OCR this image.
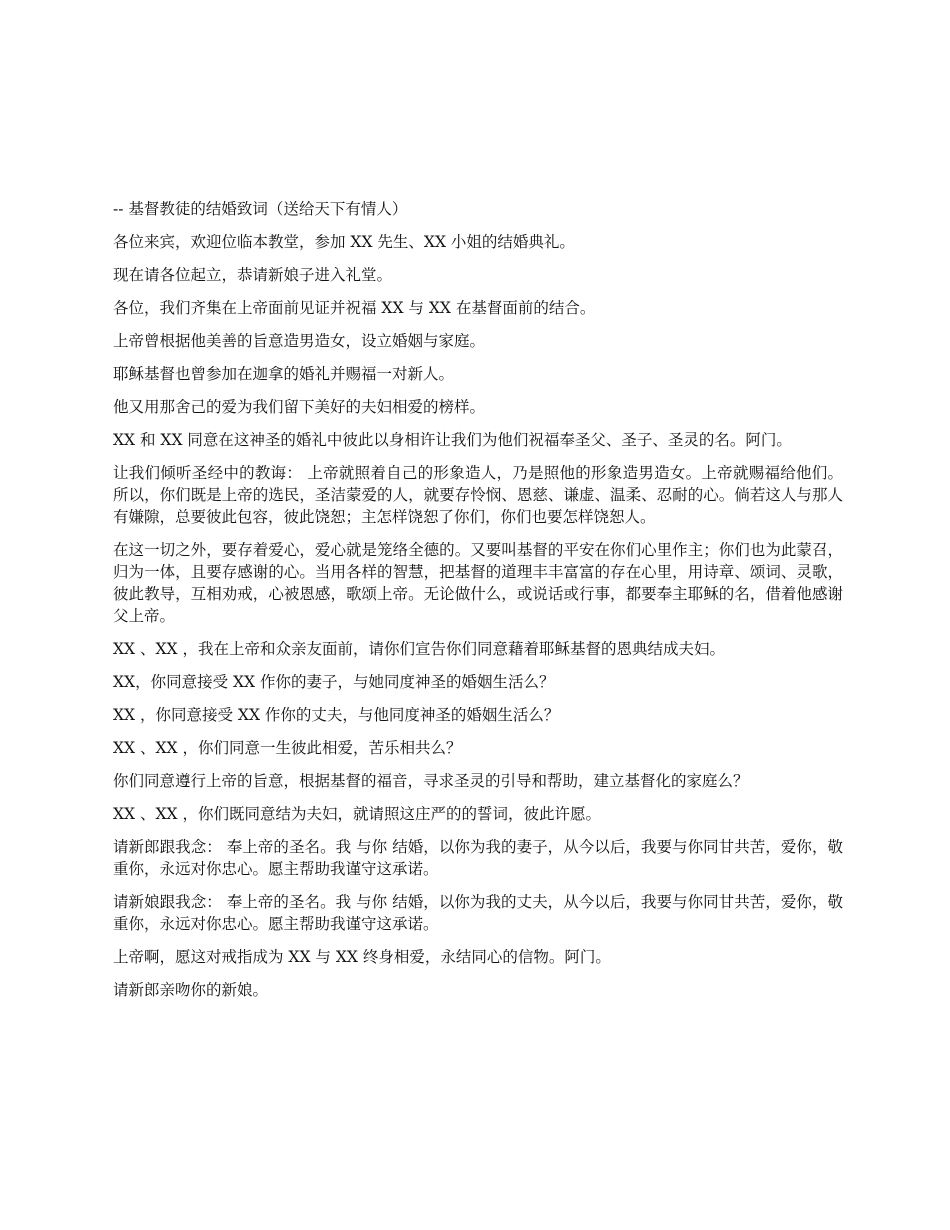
-- 基督教徒的结婚致词（送给天下有情人）

各位来宾，欢迎位临本教堂，参加 XX 先生、XX 小姐的结婚典礼。

现在请各位起立，恭请新娘子进入礼堂。

各位，我们齐集在上帝面前见证并祝福 XX 与 XX 在基督面前的结合。

上帝曾根据他美善的旨意造男造女，设立婚姻与家庭。

耶稣基督也曾参加在迦拿的婚礼并赐福一对新人。

他又用那舍己的爱为我们留下美好的夫妇相爱的榜样。

XX 和 XX 同意在这神圣的婚礼中彼此以身相许让我们为他们祝福奉圣父、圣子、圣灵的名。阿门。

让我们倾听圣经中的教诲： 上帝就照着自己的形象造人，乃是照他的形象造男造女。上帝就赐福给他们。所以，你们既是上帝的选民，圣洁蒙爱的人，就要存怜悯、恩慈、谦虚、温柔、忍耐的心。倘若这人与那人有嫌隙，总要彼此包容，彼此饶恕；主怎样饶恕了你们，你们也要怎样饶恕人。

在这一切之外，要存着爱心，爱心就是笼络全德的。又要叫基督的平安在你们心里作主；你们也为此蒙召，归为一体，且要存感谢的心。当用各样的智慧，把基督的道理丰丰富富的存在心里，用诗章、颂词、灵歌，彼此教导，互相劝戒，心被恩感，歌颂上帝。无论做什么，或说话或行事，都要奉主耶稣的名，借着他感谢父上帝。

XX 、XX ，我在上帝和众亲友面前，请你们宣告你们同意藉着耶稣基督的恩典结成夫妇。

XX，你同意接受 XX 作你的妻子，与她同度神圣的婚姻生活么？

XX ，你同意接受 XX 作你的丈夫，与他同度神圣的婚姻生活么？

XX 、XX ，你们同意一生彼此相爱，苦乐相共么？

你们同意遵行上帝的旨意，根据基督的福音，寻求圣灵的引导和帮助，建立基督化的家庭么？

XX 、XX ，你们既同意结为夫妇，就请照这庄严的的誓词，彼此许愿。

请新郎跟我念： 奉上帝的圣名。我 与你 结婚，以你为我的妻子，从今以后，我要与你同甘共苦，爱你，敬重你，永远对你忠心。愿主帮助我谨守这承诺。

请新娘跟我念： 奉上帝的圣名。我 与你 结婚，以你为我的丈夫，从今以后，我要与你同甘共苦，爱你，敬重你，永远对你忠心。愿主帮助我谨守这承诺。

上帝啊，愿这对戒指成为 XX 与 XX 终身相爱，永结同心的信物。阿门。

请新郎亲吻你的新娘。
